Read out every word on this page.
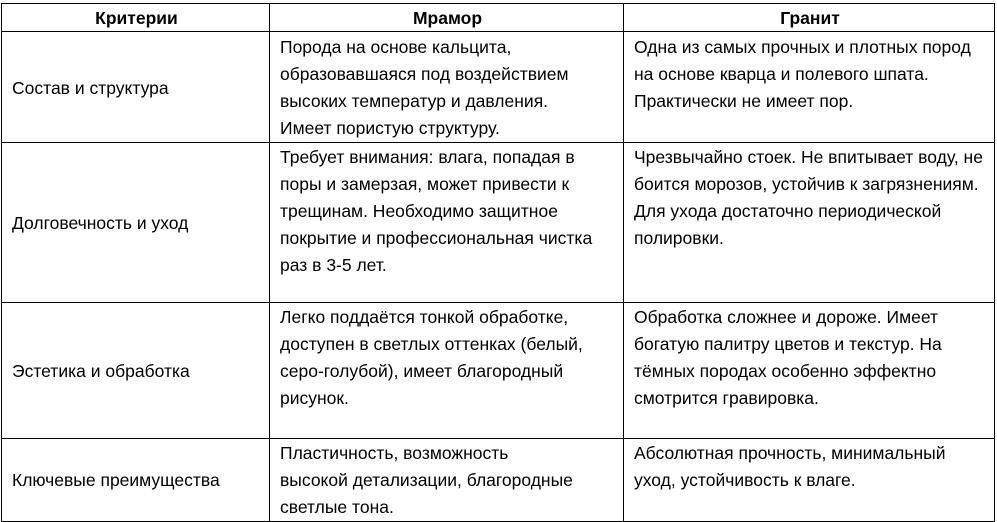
Критерии	Мрамор	Гранит
Состав и структура	Порода на основе кальцита, образовавшаяся под воздействием высоких температур и давления. Имеет пористую структуру.	Одна из самых прочных и плотных пород на основе кварца и полевого шпата. Практически не имеет пор.

Долговечность и уход	Требует внимания: влага, попадая в поры и замерзая, может привести к трещинам. Необходимо защитное покрытие и профессиональная чистка раз в 3-5 лет.	Чрезвычайно стоек. Не впитывает воду, не боится морозов, устойчив к загрязнениям. Для ухода достаточно периодической полировки.

Эстетика и обработка	Легко поддаётся тонкой обработке, доступен в светлых оттенках (белый, серо-голубой), имеет благородный рисунок.	Обработка сложнее и дороже. Имеет богатую палитру цветов и текстур. На тёмных породах особенно эффектно смотрится гравировка.

Ключевые преимущества	Пластичность, возможность высокой детализации, благородные светлые тона.	Абсолютная прочность, минимальный уход, устойчивость к влаге.
